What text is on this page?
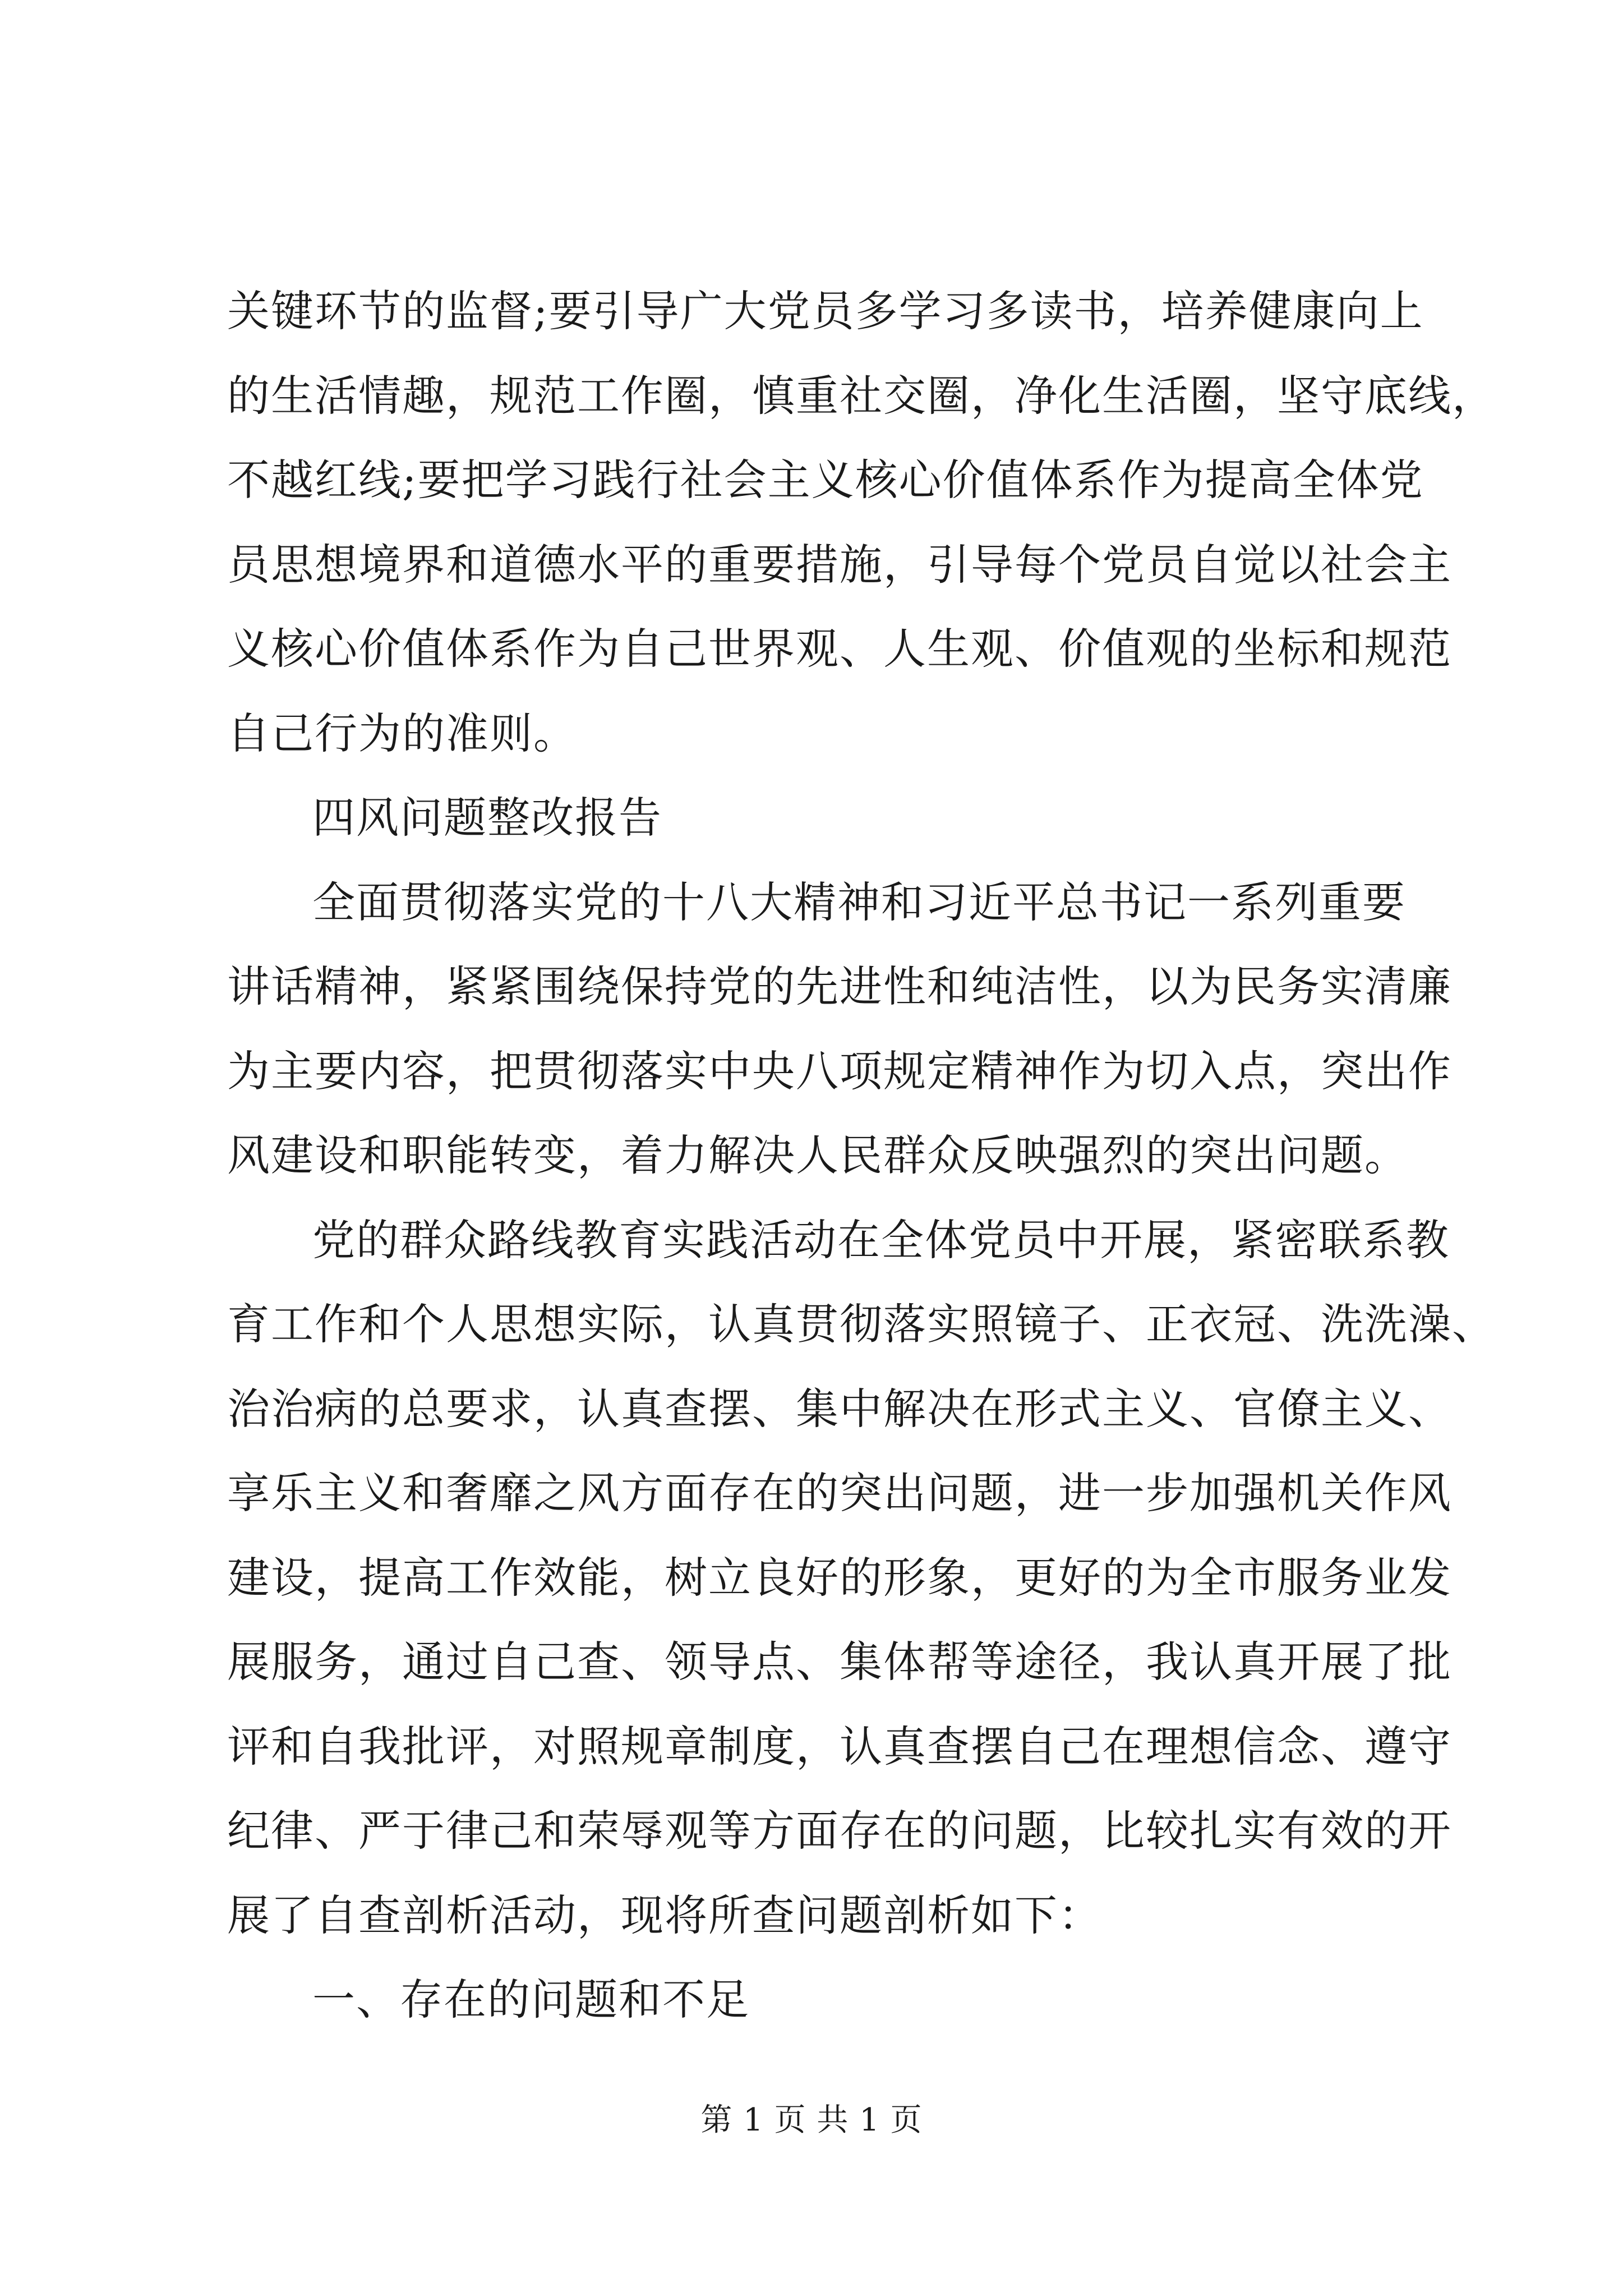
关键环节的监督;要引导广大党员多学习多读书，培养健康向上
的生活情趣，规范工作圈，慎重社交圈，净化生活圈，坚守底线，
不越红线;要把学习践行社会主义核心价值体系作为提高全体党
员思想境界和道德水平的重要措施，引导每个党员自觉以社会主
义核心价值体系作为自己世界观、人生观、价值观的坐标和规范
自己行为的准则。
四风问题整改报告
全面贯彻落实党的十八大精神和习近平总书记一系列重要
讲话精神，紧紧围绕保持党的先进性和纯洁性，以为民务实清廉
为主要内容，把贯彻落实中央八项规定精神作为切入点，突出作
风建设和职能转变，着力解决人民群众反映强烈的突出问题。
党的群众路线教育实践活动在全体党员中开展，紧密联系教
育工作和个人思想实际，认真贯彻落实照镜子、正衣冠、洗洗澡、
治治病的总要求，认真查摆、集中解决在形式主义、官僚主义、
享乐主义和奢靡之风方面存在的突出问题，进一步加强机关作风
建设，提高工作效能，树立良好的形象，更好的为全市服务业发
展服务，通过自己查、领导点、集体帮等途径，我认真开展了批
评和自我批评，对照规章制度，认真查摆自己在理想信念、遵守
纪律、严于律己和荣辱观等方面存在的问题，比较扎实有效的开
展了自查剖析活动，现将所查问题剖析如下：
一、存在的问题和不足
第 1 页 共 1 页
